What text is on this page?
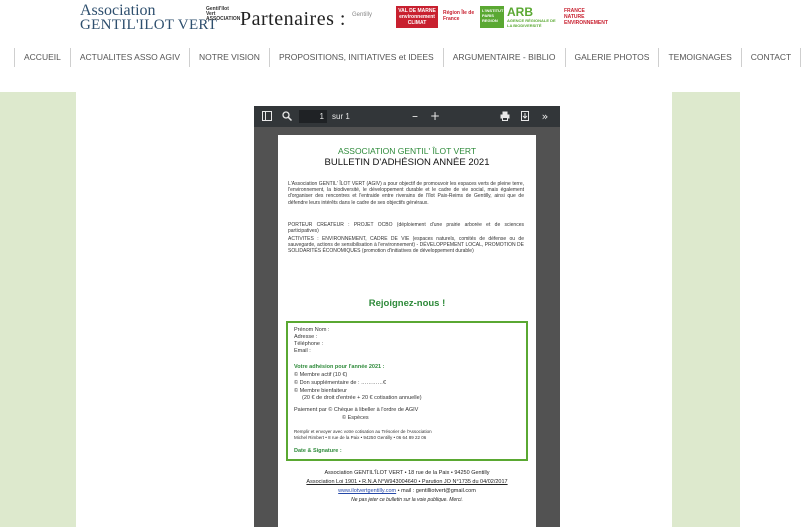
Association
GENTIL'ILOT VERT
Gentil'Ilot Vert ASSOCIATION Partenaires : Gentilly
VAL DE MARNE environnement CLIMAT
Région Île de France
L'INSTITUT PARIS REGION
ARB
AGENCE RÉGIONALE DE LA BIODIVERSITÉ
FRANCE NATURE ENVIRONNEMENT
ACCUEIL	ACTUALITES ASSO AGIV	NOTRE VISION	PROPOSITIONS, INITIATIVES et IDEES	ARGUMENTAIRE - BIBLIO	GALERIE PHOTOS	TEMOIGNAGES	CONTACT
1
sur 1	– +	»
ASSOCIATION GENTIL' ÎLOT VERT
BULLETIN D'ADHÉSION ANNÉE 2021
L'Association GENTIL' ÎLOT VERT (AGIV) a pour objectif de promouvoir les espaces verts de pleine terre, l'environnement, la biodiversité, le développement durable et le cadre de vie social, mais également d'organiser des rencontres et l'entraide entre riverains de l'îlot Paix-Reims de Gentilly, ainsi que de défendre leurs intérêts dans le cadre de ses objectifs généraux.
PORTEUR CREATEUR : PROJET OCBO (déploiement d'une prairie arborée et de sciences participatives)
ACTIVITES : ENVIRONNEMENT, CADRE DE VIE (espaces naturels, comités de défense ou de sauvegarde, actions de sensibilisation à l'environnement) - DÉVELOPPEMENT LOCAL, PROMOTION DE SOLIDARITÉS ÉCONOMIQUES (promotion d'initiatives de développement durable)
Rejoignez-nous !
Prénom Nom :
Adresse :
Téléphone :
Email :
Votre adhésion pour l'année 2021 :
© Membre actif (10 €)
© Don supplémentaire de : …………€
© Membre bienfaiteur
(20 € de droit d'entrée + 20 € cotisation annuelle)
Paiement par © Chèque à libeller à l'ordre de AGIV
© Espèces
Remplir et envoyer avec votre cotisation au Trésorier de l'Association
Michel Rimbert • 8 rue de la Paix • 94250 Gentilly • 06 64 89 22 06
Date & Signature :
Association GENTIL'ÎLOT VERT • 18 rue de la Paix • 94250 Gentilly
Association Loi 1901 • R.N.A N°W943004640 • Parution JO N°1735 du 04/02/2017
www.ilotvertgentilly.com • mail : gentilliotvert@gmail.com
Ne pas jeter ce bulletin sur la voie publique. Merci.
